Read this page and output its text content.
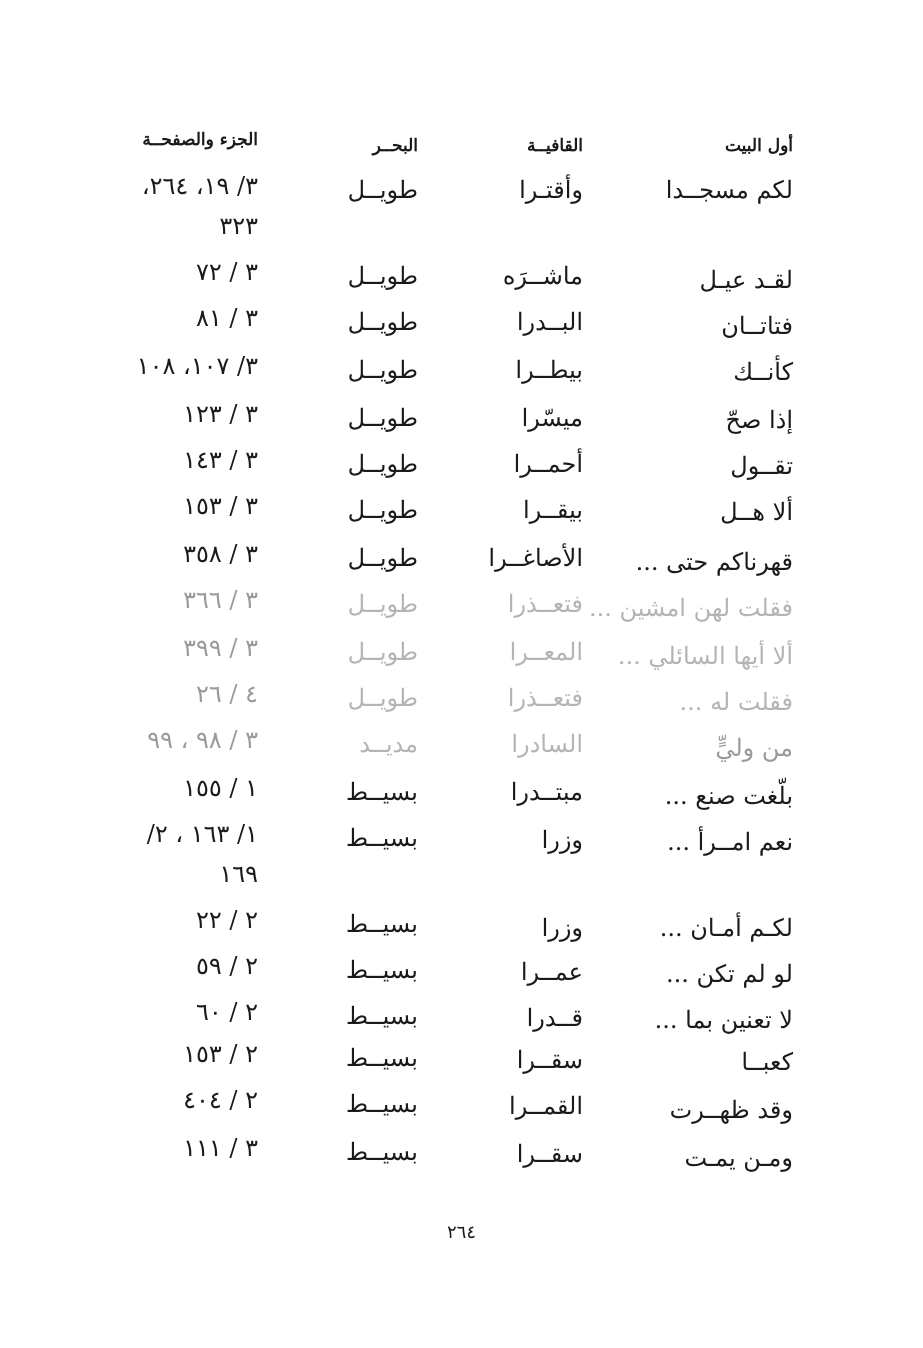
أول البيت
القافيــة
البحــر
الجزء والصفحــة
لكم مسجــدا
وأقتـرا
طويــل
٣/ ١٩، ٢٦٤،
٣٢٣
لقـد عيـل
ماشــرَه
طويــل
٣ / ٧٢
فتاتــان
البــدرا
طويــل
٣ / ٨١
كأنــك
بيطــرا
طويــل
٣/ ١٠٧، ١٠٨
إذا صحّ
ميسّرا
طويــل
٣ / ١٢٣
تقــول
أحمــرا
طويــل
٣ / ١٤٣
ألا هــل
بيقــرا
طويــل
٣ / ١٥٣
قهرناكم حتى ...
الأصاغــرا
طويــل
٣ / ٣٥٨
فقلت لهن امشين ...
فتعــذرا
طويــل
٣ / ٣٦٦
ألا أيها السائلي ...
المعــرا
طويــل
٣ / ٣٩٩
فقلت له ...
فتعــذرا
طويــل
٤ / ٢٦
من وليٍّ
السادرا
مديــد
٣ / ٩٨ ، ٩٩
بلّغت صنع ...
مبتــدرا
بسيــط
١ / ١٥٥
نعم امــرأ ...
وزرا
بسيــط
١/ ١٦٣ ، ٢/
١٦٩
لكـم أمـان ...
وزرا
بسيــط
٢ / ٢٢
لو لم تكن ...
عمــرا
بسيــط
٢ / ٥٩
لا تعنين بما ...
قــدرا
بسيــط
٢ / ٦٠
كعبــا
سقــرا
بسيــط
٢ / ١٥٣
وقد ظهــرت
القمــرا
بسيــط
٢ / ٤٠٤
ومـن يمـت
سقــرا
بسيــط
٣ / ١١١
٢٦٤
